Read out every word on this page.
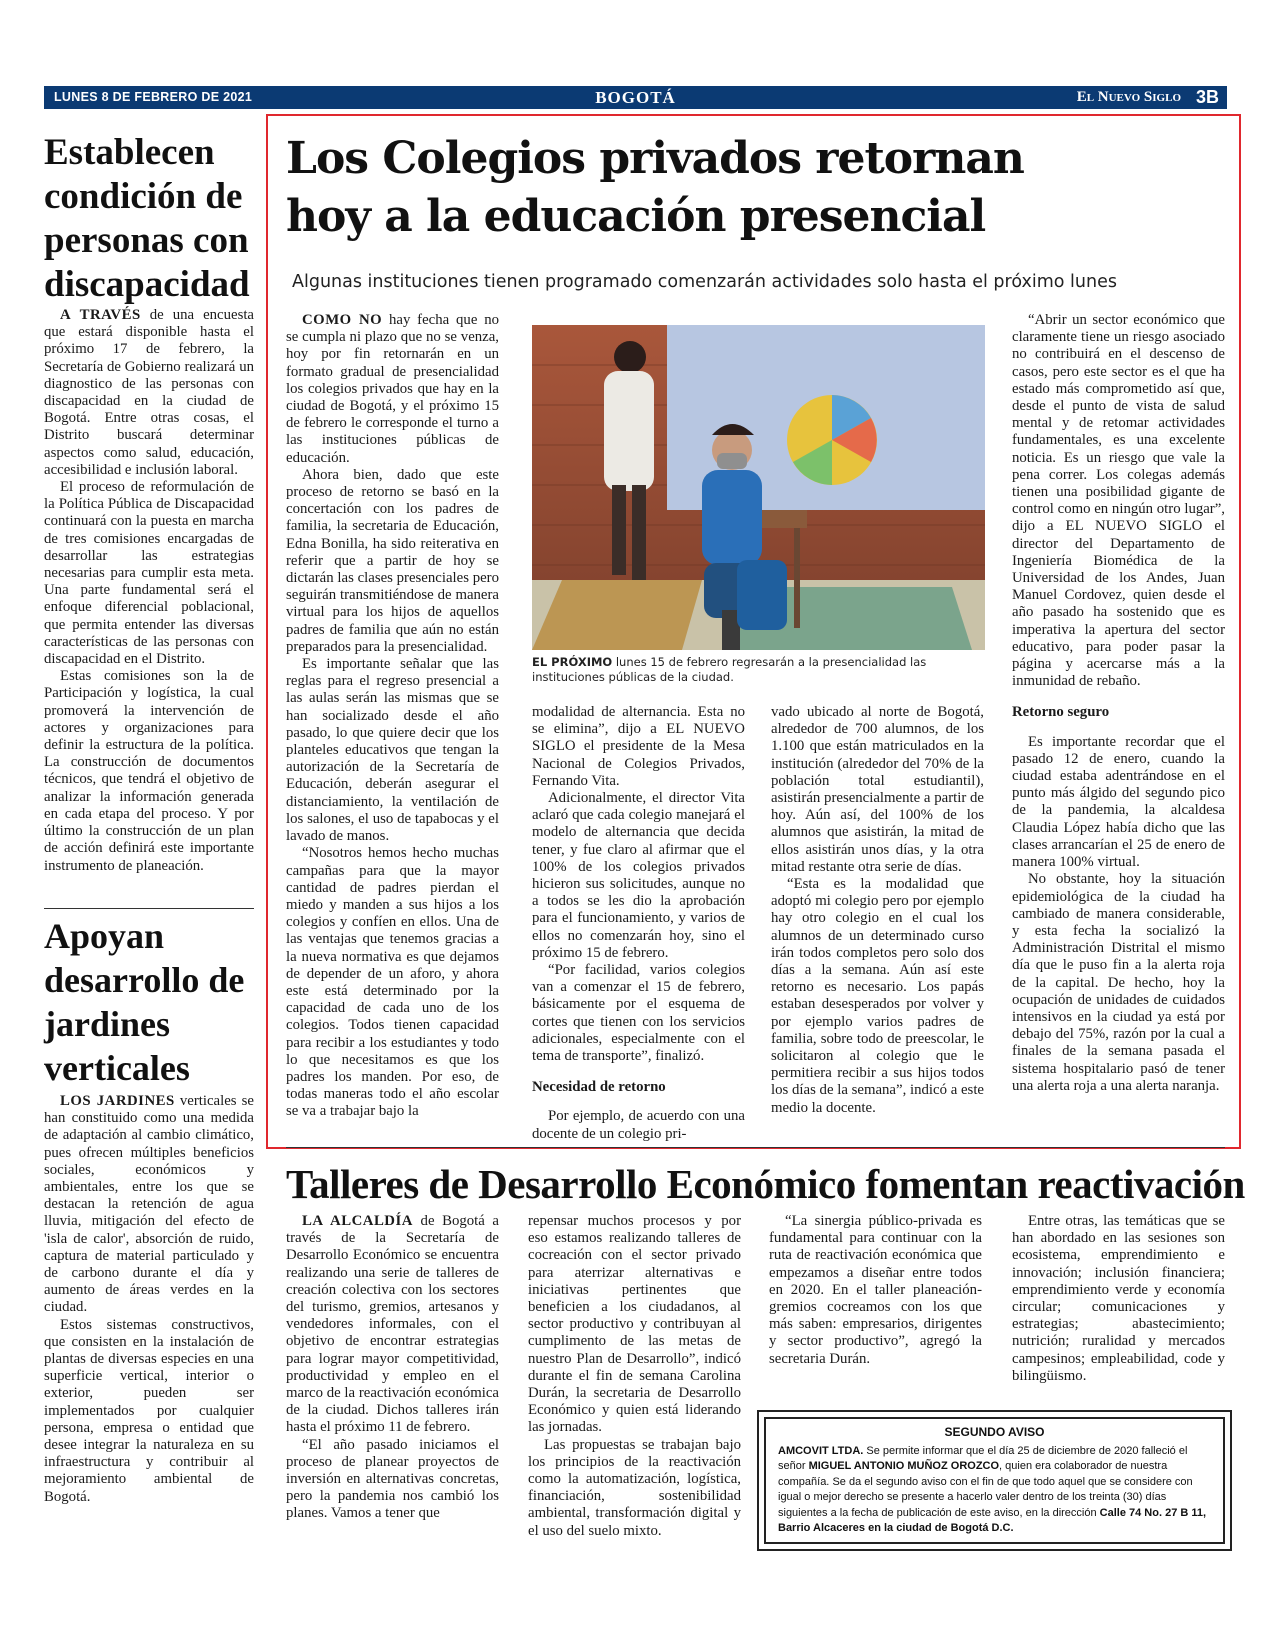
LUNES 8 DE FEBRERO DE 2021	BOGOTÁ	El Nuevo Siglo 3B
Establecen condición de personas con discapacidad

A TRAVÉS de una encuesta que estará disponible hasta el próximo 17 de febrero, la Secretaría de Gobierno realizará un diagnostico de las personas con discapacidad en la ciudad de Bogotá. Entre otras cosas, el Distrito buscará determinar aspectos como salud, educación, accesibilidad e inclusión laboral.

El proceso de reformulación de la Política Pública de Discapacidad continuará con la puesta en marcha de tres comisiones encargadas de desarrollar las estrategias necesarias para cumplir esta meta. Una parte fundamental será el enfoque diferencial poblacional, que permita entender las diversas características de las personas con discapacidad en el Distrito.

Estas comisiones son la de Participación y logística, la cual promoverá la intervención de actores y organizaciones para definir la estructura de la política. La construcción de documentos técnicos, que tendrá el objetivo de analizar la información generada en cada etapa del proceso. Y por último la construcción de un plan de acción definirá este importante instrumento de planeación.

Apoyan desarrollo de jardines verticales

LOS JARDINES verticales se han constituido como una medida de adaptación al cambio climático, pues ofrecen múltiples beneficios sociales, económicos y ambientales, entre los que se destacan la retención de agua lluvia, mitigación del efecto de 'isla de calor', absorción de ruido, captura de material particulado y de carbono durante el día y aumento de áreas verdes en la ciudad.

Estos sistemas constructivos, que consisten en la instalación de plantas de diversas especies en una superficie vertical, interior o exterior, pueden ser implementados por cualquier persona, empresa o entidad que desee integrar la naturaleza en su infraestructura y contribuir al mejoramiento ambiental de Bogotá.

Los Colegios privados retornan hoy a la educación presencial
Algunas instituciones tienen programado comenzarán actividades solo hasta el próximo lunes

COMO NO hay fecha que no se cumpla ni plazo que no se venza, hoy por fin retornarán en un formato gradual de presencialidad los colegios privados que hay en la ciudad de Bogotá, y el próximo 15 de febrero le corresponde el turno a las instituciones públicas de educación.

Ahora bien, dado que este proceso de retorno se basó en la concertación con los padres de familia, la secretaria de Educación, Edna Bonilla, ha sido reiterativa en referir que a partir de hoy se dictarán las clases presenciales pero seguirán transmitiéndose de manera virtual para los hijos de aquellos padres de familia que aún no están preparados para la presencialidad.

Es importante señalar que las reglas para el regreso presencial a las aulas serán las mismas que se han socializado desde el año pasado, lo que quiere decir que los planteles educativos que tengan la autorización de la Secretaría de Educación, deberán asegurar el distanciamiento, la ventilación de los salones, el uso de tapabocas y el lavado de manos.

“Nosotros hemos hecho muchas campañas para que la mayor cantidad de padres pierdan el miedo y manden a sus hijos a los colegios y confíen en ellos. Una de las ventajas que tenemos gracias a la nueva normativa es que dejamos de depender de un aforo, y ahora este está determinado por la capacidad de cada uno de los colegios. Todos tienen capacidad para recibir a los estudiantes y todo lo que necesitamos es que los padres los manden. Por eso, de todas maneras todo el año escolar se va a trabajar bajo la

EL PRÓXIMO lunes 15 de febrero regresarán a la presencialidad las instituciones públicas de la ciudad.

modalidad de alternancia. Esta no se elimina”, dijo a EL NUEVO SIGLO el presidente de la Mesa Nacional de Colegios Privados, Fernando Vita.

Adicionalmente, el director Vita aclaró que cada colegio manejará el modelo de alternancia que decida tener, y fue claro al afirmar que el 100% de los colegios privados hicieron sus solicitudes, aunque no a todos se les dio la aprobación para el funcionamiento, y varios de ellos no comenzarán hoy, sino el próximo 15 de febrero.

“Por facilidad, varios colegios van a comenzar el 15 de febrero, básicamente por el esquema de cortes que tienen con los servicios adicionales, especialmente con el tema de transporte”, finalizó.

Necesidad de retorno

Por ejemplo, de acuerdo con una docente de un colegio pri-

vado ubicado al norte de Bogotá, alrededor de 700 alumnos, de los 1.100 que están matriculados en la institución (alrededor del 70% de la población total estudiantil), asistirán presencialmente a partir de hoy. Aún así, del 100% de los alumnos que asistirán, la mitad de ellos asistirán unos días, y la otra mitad restante otra serie de días.

“Esta es la modalidad que adoptó mi colegio pero por ejemplo hay otro colegio en el cual los alumnos de un determinado curso irán todos completos pero solo dos días a la semana. Aún así este retorno es necesario. Los papás estaban desesperados por volver y por ejemplo varios padres de familia, sobre todo de preescolar, le solicitaron al colegio que le permitiera recibir a sus hijos todos los días de la semana”, indicó a este medio la docente.

“Abrir un sector económico que claramente tiene un riesgo asociado no contribuirá en el descenso de casos, pero este sector es el que ha estado más comprometido así que, desde el punto de vista de salud mental y de retomar actividades fundamentales, es una excelente noticia. Es un riesgo que vale la pena correr. Los colegas además tienen una posibilidad gigante de control como en ningún otro lugar”, dijo a EL NUEVO SIGLO el director del Departamento de Ingeniería Biomédica de la Universidad de los Andes, Juan Manuel Cordovez, quien desde el año pasado ha sostenido que es imperativa la apertura del sector educativo, para poder pasar la página y acercarse más a la inmunidad de rebaño.

Retorno seguro

Es importante recordar que el pasado 12 de enero, cuando la ciudad estaba adentrándose en el punto más álgido del segundo pico de la pandemia, la alcaldesa Claudia López había dicho que las clases arrancarían el 25 de enero de manera 100% virtual.

No obstante, hoy la situación epidemiológica de la ciudad ha cambiado de manera considerable, y esta fecha la socializó la Administración Distrital el mismo día que le puso fin a la alerta roja de la capital. De hecho, hoy la ocupación de unidades de cuidados intensivos en la ciudad ya está por debajo del 75%, razón por la cual a finales de la semana pasada el sistema hospitalario pasó de tener una alerta roja a una alerta naranja.

Talleres de Desarrollo Económico fomentan reactivación

LA ALCALDÍA de Bogotá a través de la Secretaría de Desarrollo Económico se encuentra realizando una serie de talleres de creación colectiva con los sectores del turismo, gremios, artesanos y vendedores informales, con el objetivo de encontrar estrategias para lograr mayor competitividad, productividad y empleo en el marco de la reactivación económica de la ciudad. Dichos talleres irán hasta el próximo 11 de febrero.

“El año pasado iniciamos el proceso de planear proyectos de inversión en alternativas concretas, pero la pandemia nos cambió los planes. Vamos a tener que

repensar muchos procesos y por eso estamos realizando talleres de cocreación con el sector privado para aterrizar alternativas e iniciativas pertinentes que beneficien a los ciudadanos, al sector productivo y contribuyan al cumplimento de las metas de nuestro Plan de Desarrollo”, indicó durante el fin de semana Carolina Durán, la secretaria de Desarrollo Económico y quien está liderando las jornadas.

Las propuestas se trabajan bajo los principios de la reactivación como la automatización, logística, financiación, sostenibilidad ambiental, transformación digital y el uso del suelo mixto.

“La sinergia público-privada es fundamental para continuar con la ruta de reactivación económica que empezamos a diseñar entre todos en 2020. En el taller planeación-gremios cocreamos con los que más saben: empresarios, dirigentes y sector productivo”, agregó la secretaria Durán.

Entre otras, las temáticas que se han abordado en las sesiones son ecosistema, emprendimiento e innovación; inclusión financiera; emprendimiento verde y economía circular; comunicaciones y estrategias; abastecimiento; nutrición; ruralidad y mercados campesinos; empleabilidad, code y bilingüismo.

SEGUNDO AVISO
AMCOVIT LTDA. Se permite informar que el día 25 de diciembre de 2020 falleció el señor MIGUEL ANTONIO MUÑOZ OROZCO, quien era colaborador de nuestra compañía. Se da el segundo aviso con el fin de que todo aquel que se considere con igual o mejor derecho se presente a hacerlo valer dentro de los treinta (30) días siguientes a la fecha de publicación de este aviso, en la dirección Calle 74 No. 27 B 11, Barrio Alcaceres en la ciudad de Bogotá D.C.
